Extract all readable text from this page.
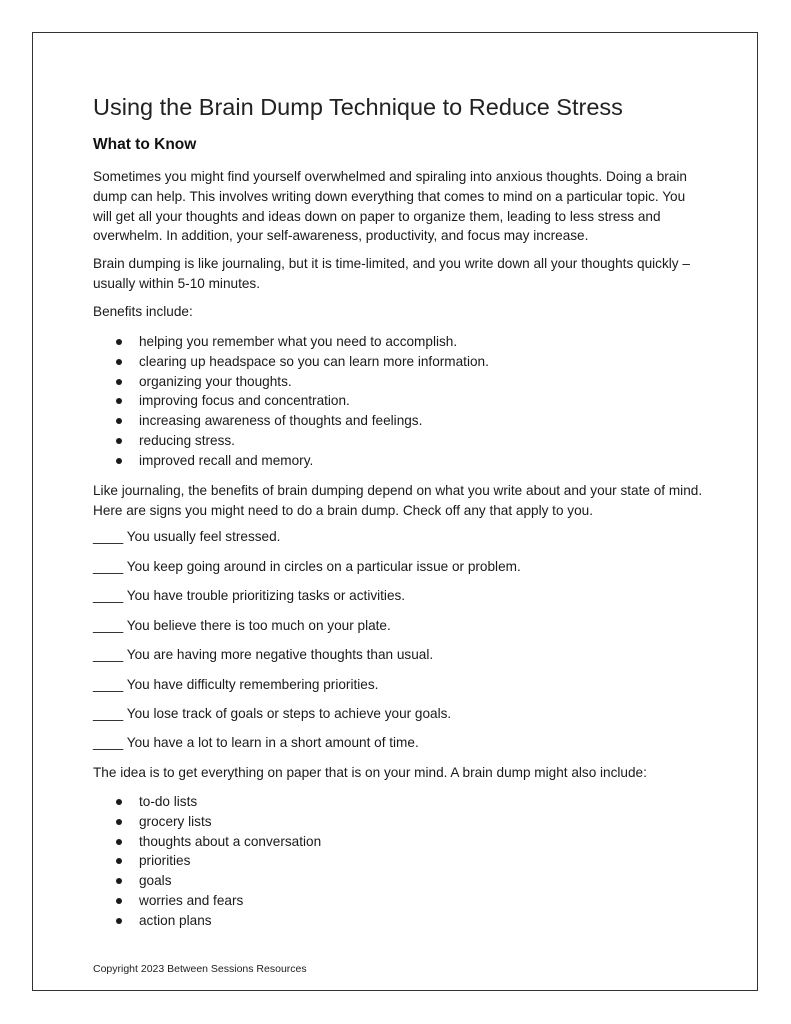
Using the Brain Dump Technique to Reduce Stress
What to Know

Sometimes you might find yourself overwhelmed and spiraling into anxious thoughts. Doing a brain dump can help. This involves writing down everything that comes to mind on a particular topic. You will get all your thoughts and ideas down on paper to organize them, leading to less stress and overwhelm. In addition, your self-awareness, productivity, and focus may increase.

Brain dumping is like journaling, but it is time-limited, and you write down all your thoughts quickly – usually within 5-10 minutes.

Benefits include:

helping you remember what you need to accomplish.
clearing up headspace so you can learn more information.
organizing your thoughts.
improving focus and concentration.
increasing awareness of thoughts and feelings.
reducing stress.
improved recall and memory.

Like journaling, the benefits of brain dumping depend on what you write about and your state of mind. Here are signs you might need to do a brain dump. Check off any that apply to you.

____ You usually feel stressed.

____ You keep going around in circles on a particular issue or problem.

____ You have trouble prioritizing tasks or activities.

____ You believe there is too much on your plate.

____ You are having more negative thoughts than usual.

____ You have difficulty remembering priorities.

____ You lose track of goals or steps to achieve your goals.

____ You have a lot to learn in a short amount of time.

The idea is to get everything on paper that is on your mind. A brain dump might also include:

to-do lists
grocery lists
thoughts about a conversation
priorities
goals
worries and fears
action plans

Copyright 2023 Between Sessions Resources
